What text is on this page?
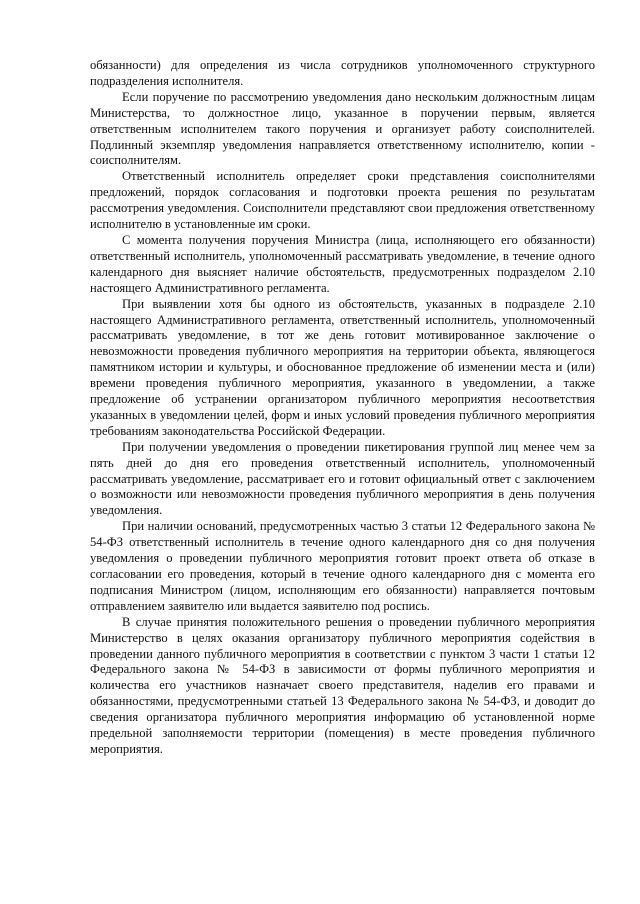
обязанности) для определения из числа сотрудников уполномоченного структурного подразделения исполнителя.

Если поручение по рассмотрению уведомления дано нескольким должностным лицам Министерства, то должностное лицо, указанное в поручении первым, является ответственным исполнителем такого поручения и организует работу соисполнителей. Подлинный экземпляр уведомления направляется ответственному исполнителю, копии - соисполнителям.

Ответственный исполнитель определяет сроки представления соисполнителями предложений, порядок согласования и подготовки проекта решения по результатам рассмотрения уведомления. Соисполнители представляют свои предложения ответственному исполнителю в установленные им сроки.

С момента получения поручения Министра (лица, исполняющего его обязанности) ответственный исполнитель, уполномоченный рассматривать уведомление, в течение одного календарного дня выясняет наличие обстоятельств, предусмотренных подразделом 2.10 настоящего Административного регламента.

При выявлении хотя бы одного из обстоятельств, указанных в подразделе 2.10 настоящего Административного регламента, ответственный исполнитель, уполномоченный рассматривать уведомление, в тот же день готовит мотивированное заключение о невозможности проведения публичного мероприятия на территории объекта, являющегося памятником истории и культуры, и обоснованное предложение об изменении места и (или) времени проведения публичного мероприятия, указанного в уведомлении, а также предложение об устранении организатором публичного мероприятия несоответствия указанных в уведомлении целей, форм и иных условий проведения публичного мероприятия требованиям законодательства Российской Федерации.

При получении уведомления о проведении пикетирования группой лиц менее чем за пять дней до дня его проведения ответственный исполнитель, уполномоченный рассматривать уведомление, рассматривает его и готовит официальный ответ с заключением о возможности или невозможности проведения публичного мероприятия в день получения уведомления.

При наличии оснований, предусмотренных частью 3 статьи 12 Федерального закона № 54-ФЗ ответственный исполнитель в течение одного календарного дня со дня получения уведомления о проведении публичного мероприятия готовит проект ответа об отказе в согласовании его проведения, который в течение одного календарного дня с момента его подписания Министром (лицом, исполняющим его обязанности) направляется почтовым отправлением заявителю или выдается заявителю под роспись.

В случае принятия положительного решения о проведении публичного мероприятия Министерство в целях оказания организатору публичного мероприятия содействия в проведении данного публичного мероприятия в соответствии с пунктом 3 части 1 статьи 12 Федерального закона № 54-ФЗ в зависимости от формы публичного мероприятия и количества его участников назначает своего представителя, наделив его правами и обязанностями, предусмотренными статьей 13 Федерального закона № 54-ФЗ, и доводит до сведения организатора публичного мероприятия информацию об установленной норме предельной заполняемости территории (помещения) в месте проведения публичного мероприятия.
